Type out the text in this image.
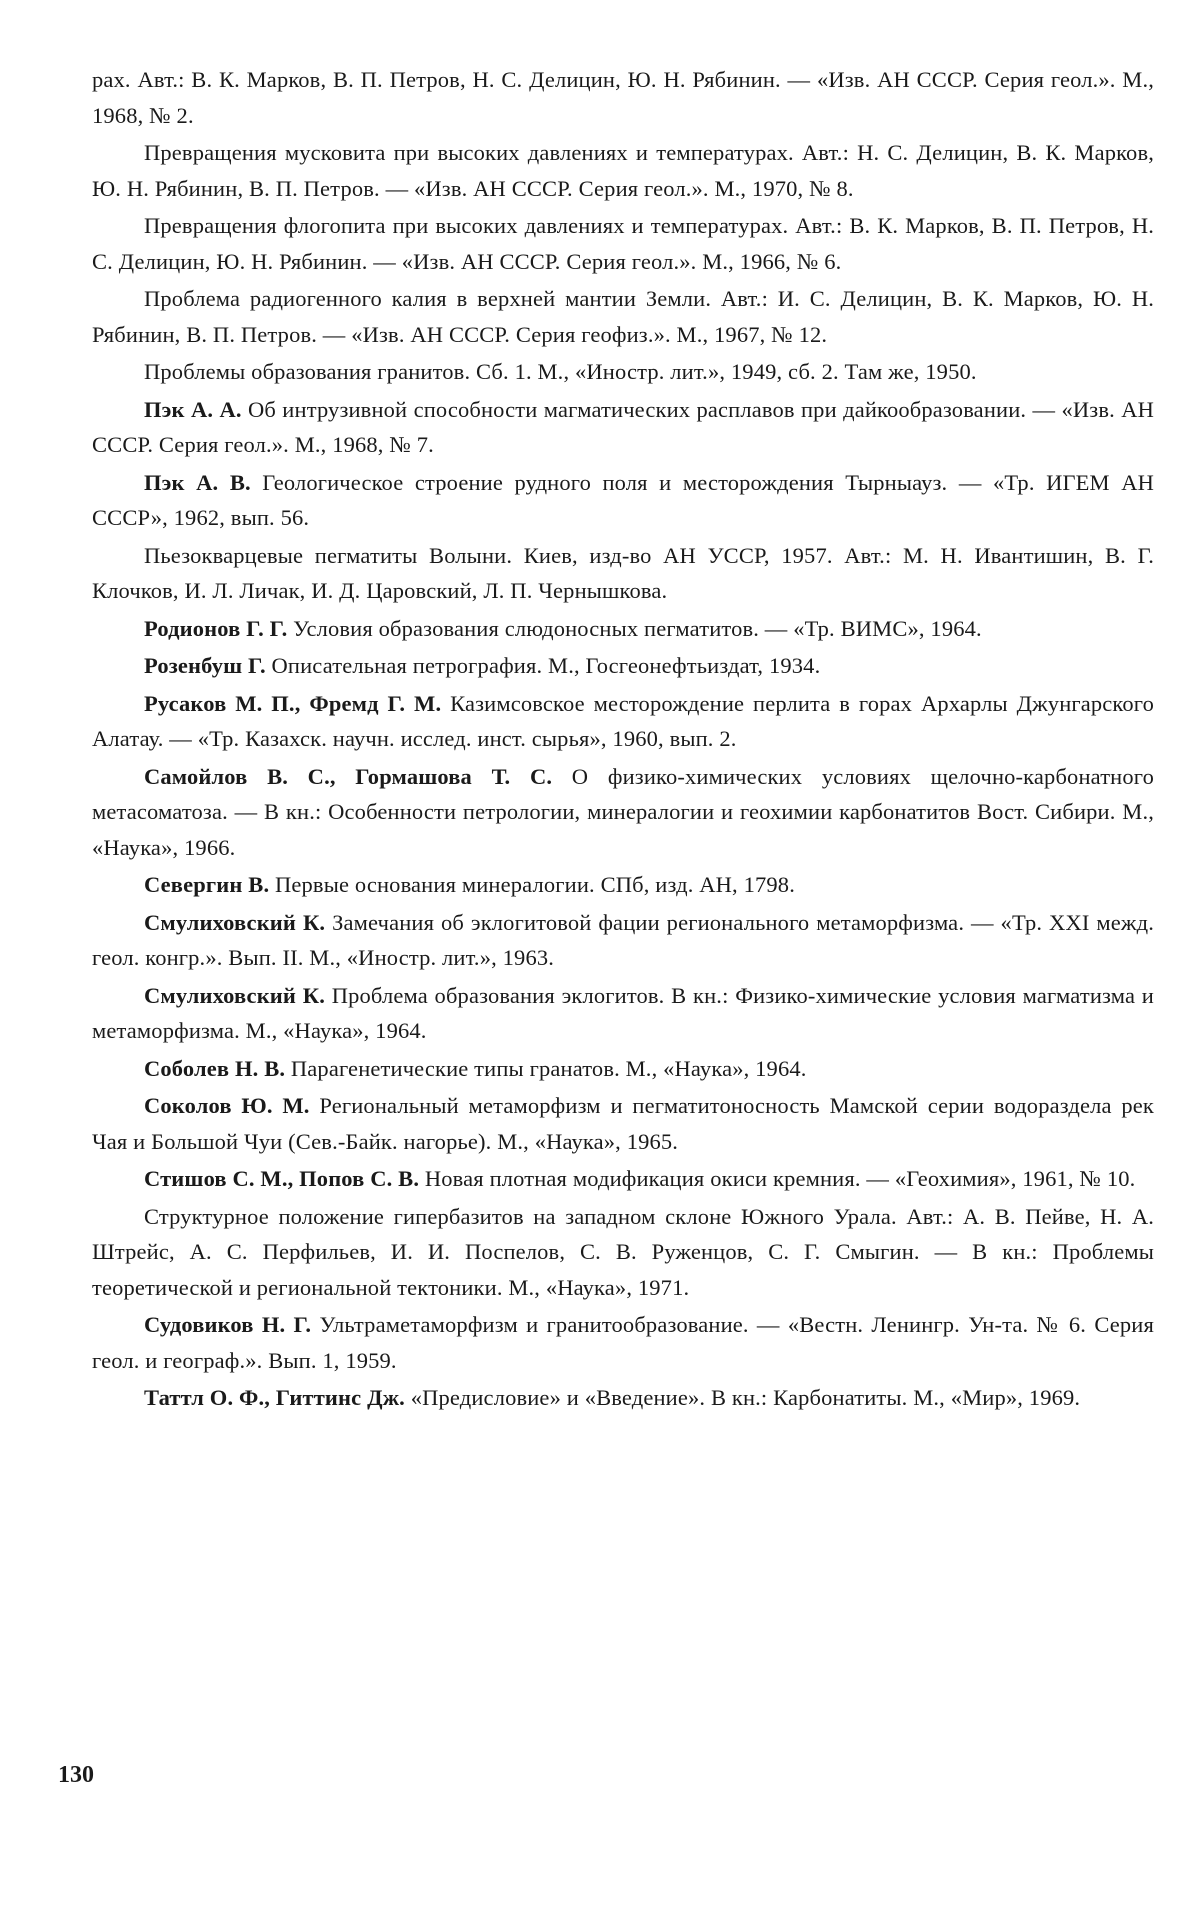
рах. Авт.: В. К. Марков, В. П. Петров, Н. С. Делицин, Ю. Н. Рябинин. — «Изв. АН СССР. Серия геол.». М., 1968, № 2.

Превращения мусковита при высоких давлениях и температурах. Авт.: Н. С. Делицин, В. К. Марков, Ю. Н. Рябинин, В. П. Петров. — «Изв. АН СССР. Серия геол.». М., 1970, № 8.

Превращения флогопита при высоких давлениях и температурах. Авт.: В. К. Марков, В. П. Петров, Н. С. Делицин, Ю. Н. Рябинин. — «Изв. АН СССР. Серия геол.». М., 1966, № 6.

Проблема радиогенного калия в верхней мантии Земли. Авт.: И. С. Делицин, В. К. Марков, Ю. Н. Рябинин, В. П. Петров. — «Изв. АН СССР. Серия геофиз.». М., 1967, № 12.

Проблемы образования гранитов. Сб. 1. М., «Иностр. лит.», 1949, сб. 2. Там же, 1950.

Пэк А. А. Об интрузивной способности магматических расплавов при дайкообразовании. — «Изв. АН СССР. Серия геол.». М., 1968, № 7.

Пэк А. В. Геологическое строение рудного поля и месторождения Тырныауз. — «Тр. ИГЕМ АН СССР», 1962, вып. 56.

Пьезокварцевые пегматиты Волыни. Киев, изд-во АН УССР, 1957. Авт.: М. Н. Ивантишин, В. Г. Клочков, И. Л. Личак, И. Д. Царовский, Л. П. Чернышкова.

Родионов Г. Г. Условия образования слюдоносных пегматитов. — «Тр. ВИМС», 1964.

Розенбуш Г. Описательная петрография. М., Госгеонефтьиздат, 1934.

Русаков М. П., Фремд Г. М. Казимсовское месторождение перлита в горах Архарлы Джунгарского Алатау. — «Тр. Казахск. научн. исслед. инст. сырья», 1960, вып. 2.

Самойлов В. С., Гормашова Т. С. О физико-химических условиях щелочно-карбонатного метасоматоза. — В кн.: Особенности петрологии, минералогии и геохимии карбонатитов Вост. Сибири. М., «Наука», 1966.

Севергин В. Первые основания минералогии. СПб, изд. АН, 1798.

Смулиховский К. Замечания об эклогитовой фации регионального метаморфизма. — «Тр. XXI межд. геол. конгр.». Вып. II. М., «Иностр. лит.», 1963.

Смулиховский К. Проблема образования эклогитов. В кн.: Физико-химические условия магматизма и метаморфизма. М., «Наука», 1964.

Соболев Н. В. Парагенетические типы гранатов. М., «Наука», 1964.

Соколов Ю. М. Региональный метаморфизм и пегматитоносность Мамской серии водораздела рек Чая и Большой Чуи (Сев.-Байк. нагорье). М., «Наука», 1965.

Стишов С. М., Попов С. В. Новая плотная модификация окиси кремния. — «Геохимия», 1961, № 10.

Структурное положение гипербазитов на западном склоне Южного Урала. Авт.: А. В. Пейве, Н. А. Штрейс, А. С. Перфильев, И. И. Поспелов, С. В. Руженцов, С. Г. Смыгин. — В кн.: Проблемы теоретической и региональной тектоники. М., «Наука», 1971.

Судовиков Н. Г. Ультраметаморфизм и гранитообразование. — «Вестн. Ленингр. Ун-та. № 6. Серия геол. и географ.». Вып. 1, 1959.

Таттл О. Ф., Гиттинс Дж. «Предисловие» и «Введение». В кн.: Карбонатиты. М., «Мир», 1969.

130
